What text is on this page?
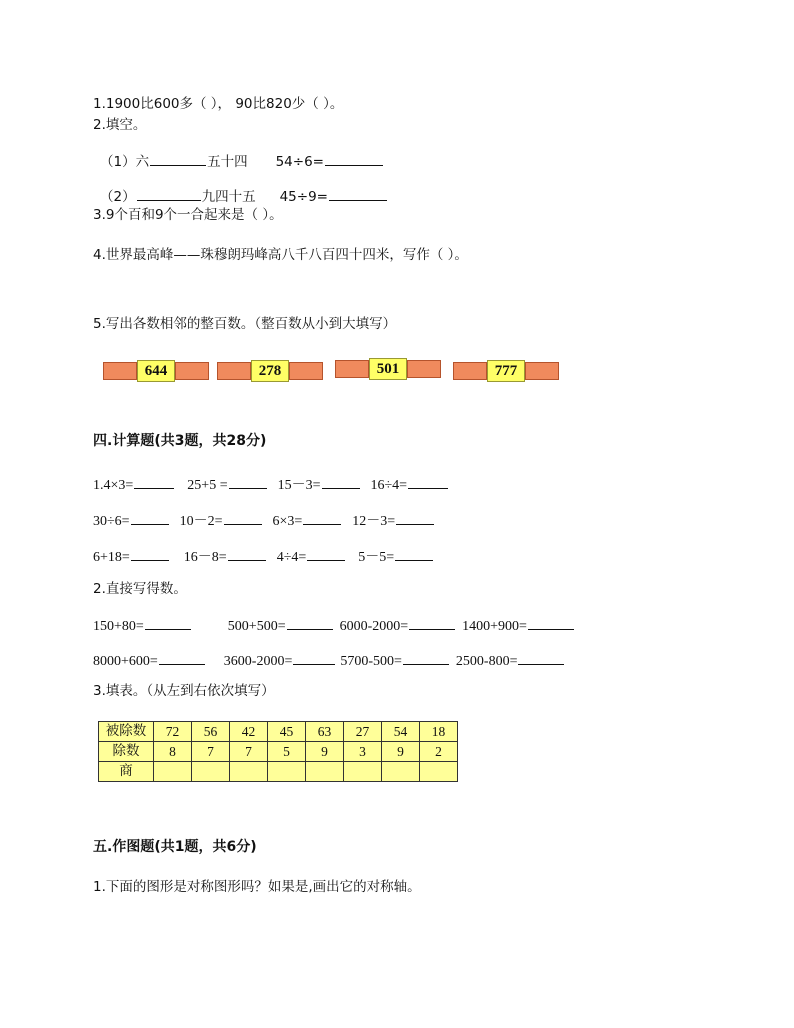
1.1900比600多（ ）， 90比820少（ ）。
2.填空。
（1）六	五十四 54÷6=
（2）	九四十五 45÷9=
3.9个百和9个一合起来是（ ）。
4.世界最高峰——珠穆朗玛峰高八千八百四十四米，写作（ ）。
5.写出各数相邻的整百数。（整百数从小到大填写）
644	278	501	777
四.计算题(共3题，共28分)
1.4×3=	25+5 =	15－3=	16÷4=
30÷6=	10－2=	6×3=	12－3=
6+18=	16－8=	4÷4=	5－5=
2.直接写得数。
150+80=	500+500=	6000-2000=	1400+900=
8000+600=	3600-2000=	5700-500=	2500-800=
3.填表。（从左到右依次填写）
被除数	72	56	42	45	63	27	54	18
除数	8	7	7	5	9	3	9	2
商								
五.作图题(共1题，共6分)
1.下面的图形是对称图形吗？如果是,画出它的对称轴。
